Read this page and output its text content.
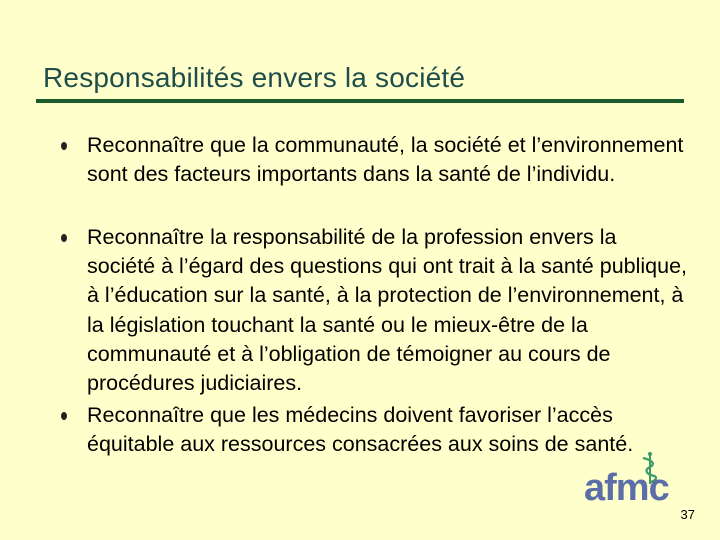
Responsabilités envers la société
Reconnaître que la communauté, la société et l’environnement sont des facteurs importants dans la santé de l’individu.
Reconnaître la responsabilité de la profession envers la société à l’égard des questions qui ont trait à la santé publique, à l’éducation sur la santé, à la protection de l’environnement, à la législation touchant la santé ou le mieux-être de la communauté et à l’obligation de témoigner au cours de procédures judiciaires.
Reconnaître que les médecins doivent favoriser l’accès équitable aux ressources consacrées aux soins de santé.
afmc
37
